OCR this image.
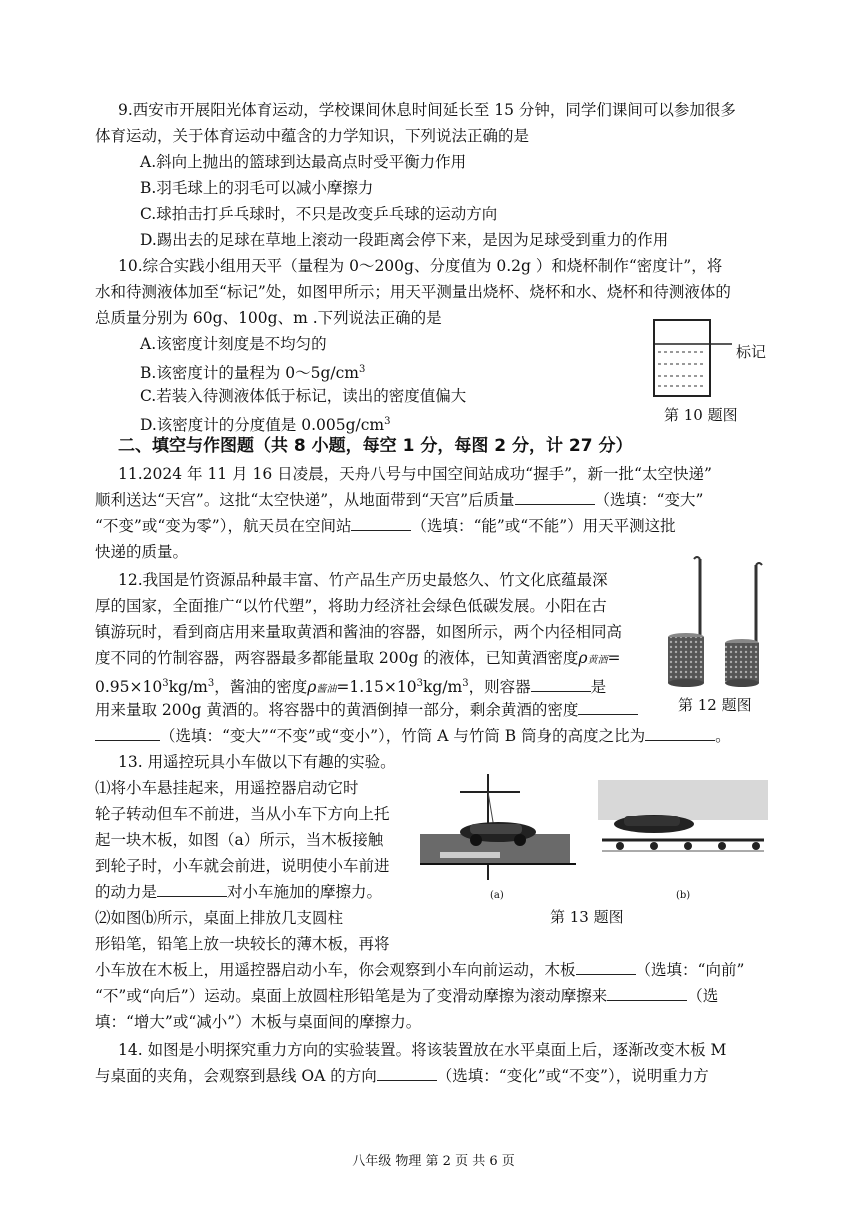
9.西安市开展阳光体育运动，学校课间休息时间延长至 15 分钟，同学们课间可以参加很多
体育运动，关于体育运动中蕴含的力学知识，下列说法正确的是
A.斜向上抛出的篮球到达最高点时受平衡力作用
B.羽毛球上的羽毛可以减小摩擦力
C.球拍击打乒乓球时，不只是改变乒乓球的运动方向
D.踢出去的足球在草地上滚动一段距离会停下来，是因为足球受到重力的作用
10.综合实践小组用天平（量程为 0～200g、分度值为 0.2g ）和烧杯制作“密度计”，将
水和待测液体加至“标记”处，如图甲所示；用天平测量出烧杯、烧杯和水、烧杯和待测液体的
总质量分别为 60g、100g、m .下列说法正确的是
A.该密度计刻度是不均匀的
B.该密度计的量程为 $0\sim 5g/cm^3$
C.若装入待测液体低于标记，读出的密度值偏大
D.该密度计的分度值是 $0.005g/cm^3$
标记
第 10 题图
二、填空与作图题（共 8 小题，每空 1 分，每图 2 分，计 27 分）
11.2024 年 11 月 16 日凌晨，天舟八号与中国空间站成功“握手”，新一批“太空快递”
顺利送达“天宫”。这批“太空快递”，从地面带到“天宫”后质量	（选填：“变大”
“不变”或“变为零”），航天员在空间站	（选填：“能”或“不能”）用天平测这批
快递的质量。
12.我国是竹资源品种最丰富、竹产品生产历史最悠久、竹文化底蕴最深
厚的国家，全面推广“以竹代塑”，将助力经济社会绿色低碳发展。小阳在古
镇游玩时，看到商店用来量取黄酒和酱油的容器，如图所示，两个内径相同高
度不同的竹制容器，两容器最多都能量取 200g 的液体，已知黄酒密度ρ黄酒=
$0.95\times 10^3kg/m^3$，酱油的密度ρ酱油$=1.15\times 10^3kg/m^3$，则容器	是
用来量取 200g 黄酒的。将容器中的黄酒倒掉一部分，剩余黄酒的密度
（选填：“变大”“不变”或“变小”），竹筒 A 与竹筒 B 筒身的高度之比为	。
第 12 题图
13. 用遥控玩具小车做以下有趣的实验。
⑴将小车悬挂起来，用遥控器启动它时
轮子转动但车不前进，当从小车下方向上托
起一块木板，如图（a）所示，当木板接触
到轮子时，小车就会前进，说明使小车前进
的动力是	对小车施加的摩擦力。
⑵如图⒝所示，桌面上排放几支圆柱
形铅笔，铅笔上放一块较长的薄木板，再将
小车放在木板上，用遥控器启动小车，你会观察到小车向前运动，木板	（选填：“向前”
“不”或“向后”）运动。桌面上放圆柱形铅笔是为了变滑动摩擦为滚动摩擦来	（选
填：“增大”或“减小”）木板与桌面间的摩擦力。
(a)	(b)
第 13 题图
14. 如图是小明探究重力方向的实验装置。将该装置放在水平桌面上后，逐渐改变木板 M
与桌面的夹角，会观察到悬线 OA 的方向	（选填：“变化”或“不变”），说明重力方
八年级 物理 第 2 页 共 6 页
